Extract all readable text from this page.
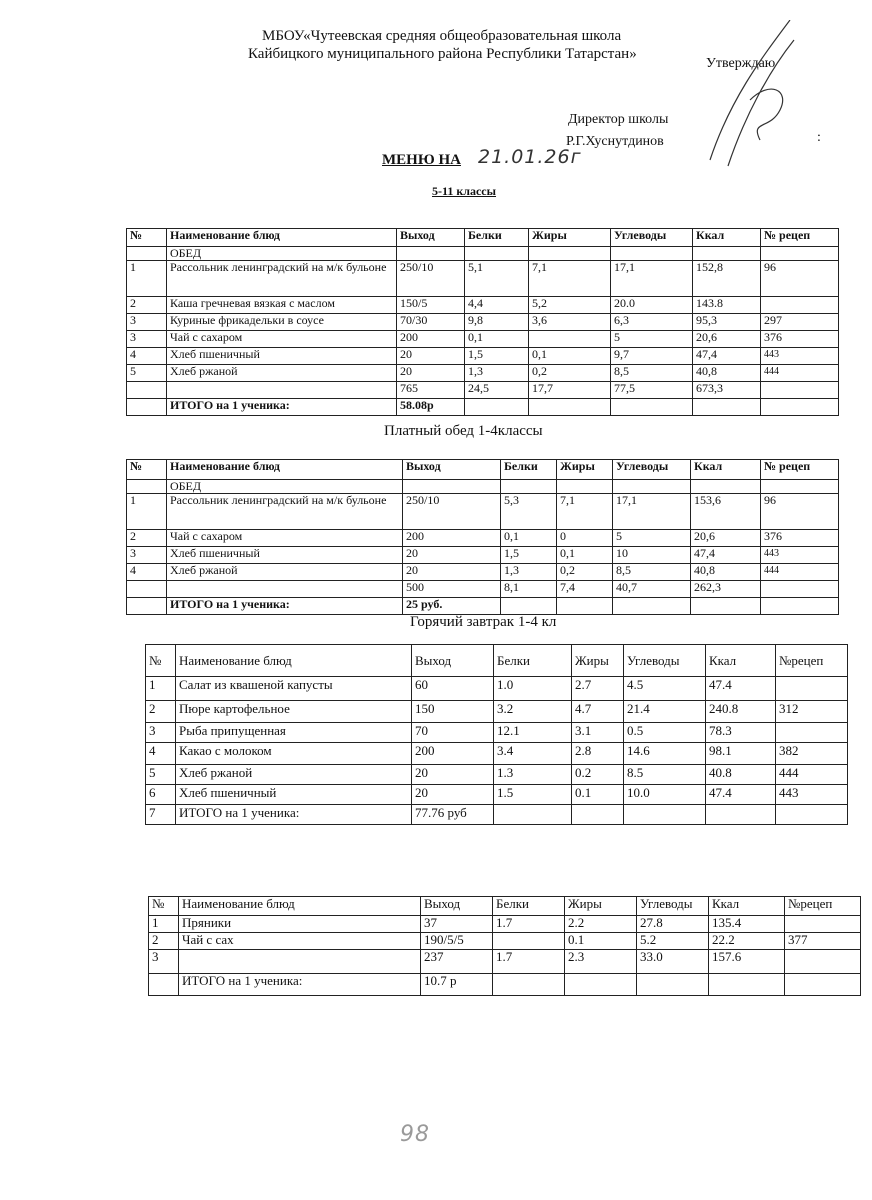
МБОУ«Чутеевская средняя общеобразовательная школа
Кайбицкого муниципального района Республики Татарстан»
Утверждаю
Директор школы
Р.Г.Хуснутдинов	:
МЕНЮ НА 21.01.26г
5-11 классы
№	Наименование блюд	Выход	Белки	Жиры	Углеводы	Ккал	№ рецеп
	ОБЕД						
1	Рассольник ленинградский на м/к бульоне	250/10	5,1	7,1	17,1	152,8	96
2	Каша гречневая вязкая с маслом	150/5	4,4	5,2	20.0	143.8	
3	Куриные фрикадельки в соусе	70/30	9,8	3,6	6,3	95,3	297
3	Чай с сахаром	200	0,1		5	20,6	376
4	Хлеб пшеничный	20	1,5	0,1	9,7	47,4	443
5	Хлеб ржаной	20	1,3	0,2	8,5	40,8	444
		765	24,5	17,7	77,5	673,3	
	ИТОГО на 1 ученика:	58.08р					
Платный обед 1-4классы
№	Наименование блюд	Выход	Белки	Жиры	Углеводы	Ккал	№ рецеп
	ОБЕД						
1	Рассольник ленинградский на м/к бульоне	250/10	5,3	7,1	17,1	153,6	96
2	Чай с сахаром	200	0,1	0	5	20,6	376
3	Хлеб пшеничный	20	1,5	0,1	10	47,4	443
4	Хлеб ржаной	20	1,3	0,2	8,5	40,8	444
		500	8,1	7,4	40,7	262,3	
	ИТОГО на 1 ученика:	25 руб.					
Горячий завтрак 1-4 кл
№	Наименование блюд	Выход	Белки	Жиры	Углеводы	Ккал	№рецеп
1	Салат из квашеной капусты	60	1.0	2.7	4.5	47.4	
2	Пюре картофельное	150	3.2	4.7	21.4	240.8	312
3	Рыба припущенная	70	12.1	3.1	0.5	78.3	
4	Какао с молоком	200	3.4	2.8	14.6	98.1	382
5	Хлеб ржаной	20	1.3	0.2	8.5	40.8	444
6	Хлеб пшеничный	20	1.5	0.1	10.0	47.4	443
7	ИТОГО на 1 ученика:	77.76 руб					
№	Наименование блюд	Выход	Белки	Жиры	Углеводы	Ккал	№рецеп
1	Пряники	37	1.7	2.2	27.8	135.4	
2	Чай с сах	190/5/5		0.1	5.2	22.2	377
3		237	1.7	2.3	33.0	157.6	
	ИТОГО на 1 ученика:	10.7 р					
98
